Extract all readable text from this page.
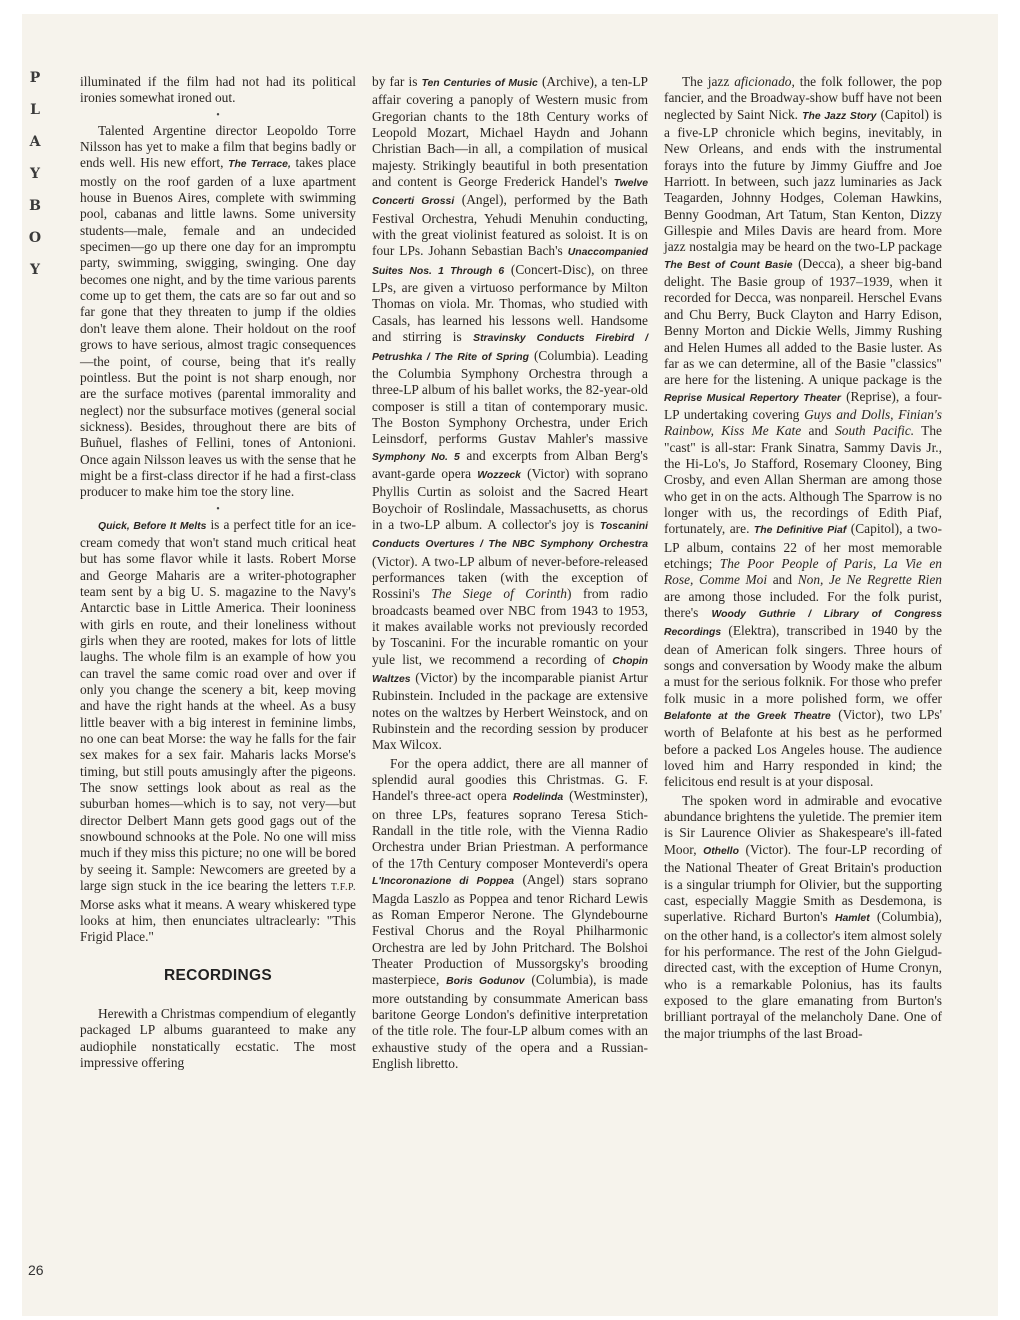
P
L
A
Y
B
O
Y
26

illuminated if the film had not had its political ironies somewhat ironed out.

•

Talented Argentine director Leopoldo Torre Nilsson has yet to make a film that begins badly or ends well. His new effort, The Terrace, takes place mostly on the roof garden of a luxe apartment house in Buenos Aires, complete with swimming pool, cabanas and little lawns. Some university students—male, female and an undecided specimen—go up there one day for an impromptu party, swimming, swigging, swinging. One day becomes one night, and by the time various parents come up to get them, the cats are so far out and so far gone that they threaten to jump if the oldies don't leave them alone. Their holdout on the roof grows to have serious, almost tragic consequences—the point, of course, being that it's really pointless. But the point is not sharp enough, nor are the surface motives (parental immorality and neglect) nor the subsurface motives (general social sickness). Besides, throughout there are bits of Buñuel, flashes of Fellini, tones of Antonioni. Once again Nilsson leaves us with the sense that he might be a first-class director if he had a first-class producer to make him toe the story line.

•

Quick, Before It Melts is a perfect title for an ice-cream comedy that won't stand much critical heat but has some flavor while it lasts. Robert Morse and George Maharis are a writer-photographer team sent by a big U. S. magazine to the Navy's Antarctic base in Little America. Their looniness with girls en route, and their loneliness without girls when they are rooted, makes for lots of little laughs. The whole film is an example of how you can travel the same comic road over and over if only you change the scenery a bit, keep moving and have the right hands at the wheel. As a busy little beaver with a big interest in feminine limbs, no one can beat Morse: the way he falls for the fair sex makes for a sex fair. Maharis lacks Morse's timing, but still pouts amusingly after the pigeons. The snow settings look about as real as the suburban homes—which is to say, not very—but director Delbert Mann gets good gags out of the snowbound schnooks at the Pole. No one will miss much if they miss this picture; no one will be bored by seeing it. Sample: Newcomers are greeted by a large sign stuck in the ice bearing the letters T.F.P. Morse asks what it means. A weary whiskered type looks at him, then enunciates ultraclearly: "This Frigid Place."

RECORDINGS

Herewith a Christmas compendium of elegantly packaged LP albums guaranteed to make any audiophile nonstatically ecstatic. The most impressive offering

by far is Ten Centuries of Music (Archive), a ten-LP affair covering a panoply of Western music from Gregorian chants to the 18th Century works of Leopold Mozart, Michael Haydn and Johann Christian Bach—in all, a compilation of musical majesty. Strikingly beautiful in both presentation and content is George Frederick Handel's Twelve Concerti Grossi (Angel), performed by the Bath Festival Orchestra, Yehudi Menuhin conducting, with the great violinist featured as soloist. It is on four LPs. Johann Sebastian Bach's Unaccompanied Suites Nos. 1 Through 6 (Concert-Disc), on three LPs, are given a virtuoso performance by Milton Thomas on viola. Mr. Thomas, who studied with Casals, has learned his lessons well. Handsome and stirring is Stravinsky Conducts Firebird / Petrushka / The Rite of Spring (Columbia). Leading the Columbia Symphony Orchestra through a three-LP album of his ballet works, the 82-year-old composer is still a titan of contemporary music. The Boston Symphony Orchestra, under Erich Leinsdorf, performs Gustav Mahler's massive Symphony No. 5 and excerpts from Alban Berg's avant-garde opera Wozzeck (Victor) with soprano Phyllis Curtin as soloist and the Sacred Heart Boychoir of Roslindale, Massachusetts, as chorus in a two-LP album. A collector's joy is Toscanini Conducts Overtures / The NBC Symphony Orchestra (Victor). A two-LP album of never-before-released performances taken (with the exception of Rossini's The Siege of Corinth) from radio broadcasts beamed over NBC from 1943 to 1953, it makes available works not previously recorded by Toscanini. For the incurable romantic on your yule list, we recommend a recording of Chopin Waltzes (Victor) by the incomparable pianist Artur Rubinstein. Included in the package are extensive notes on the waltzes by Herbert Weinstock, and on Rubinstein and the recording session by producer Max Wilcox.

For the opera addict, there are all manner of splendid aural goodies this Christmas. G. F. Handel's three-act opera Rodelinda (Westminster), on three LPs, features soprano Teresa Stich-Randall in the title role, with the Vienna Radio Orchestra under Brian Priestman. A performance of the 17th Century composer Monteverdi's opera L'Incoronazione di Poppea (Angel) stars soprano Magda Laszlo as Poppea and tenor Richard Lewis as Roman Emperor Nerone. The Glyndebourne Festival Chorus and the Royal Philharmonic Orchestra are led by John Pritchard. The Bolshoi Theater Production of Mussorgsky's brooding masterpiece, Boris Godunov (Columbia), is made more outstanding by consummate American bass baritone George London's definitive interpretation of the title role. The four-LP album comes with an exhaustive study of the opera and a Russian-English libretto.

The jazz aficionado, the folk follower, the pop fancier, and the Broadway-show buff have not been neglected by Saint Nick. The Jazz Story (Capitol) is a five-LP chronicle which begins, inevitably, in New Orleans, and ends with the instrumental forays into the future by Jimmy Giuffre and Joe Harriott. In between, such jazz luminaries as Jack Teagarden, Johnny Hodges, Coleman Hawkins, Benny Goodman, Art Tatum, Stan Kenton, Dizzy Gillespie and Miles Davis are heard from. More jazz nostalgia may be heard on the two-LP package The Best of Count Basie (Decca), a sheer big-band delight. The Basie group of 1937–1939, when it recorded for Decca, was nonpareil. Herschel Evans and Chu Berry, Buck Clayton and Harry Edison, Benny Morton and Dickie Wells, Jimmy Rushing and Helen Humes all added to the Basie luster. As far as we can determine, all of the Basie "classics" are here for the listening. A unique package is the Reprise Musical Repertory Theater (Reprise), a four-LP undertaking covering Guys and Dolls, Finian's Rainbow, Kiss Me Kate and South Pacific. The "cast" is all-star: Frank Sinatra, Sammy Davis Jr., the Hi-Lo's, Jo Stafford, Rosemary Clooney, Bing Crosby, and even Allan Sherman are among those who get in on the acts. Although The Sparrow is no longer with us, the recordings of Edith Piaf, fortunately, are. The Definitive Piaf (Capitol), a two-LP album, contains 22 of her most memorable etchings; The Poor People of Paris, La Vie en Rose, Comme Moi and Non, Je Ne Regrette Rien are among those included. For the folk purist, there's Woody Guthrie / Library of Congress Recordings (Elektra), transcribed in 1940 by the dean of American folk singers. Three hours of songs and conversation by Woody make the album a must for the serious folknik. For those who prefer folk music in a more polished form, we offer Belafonte at the Greek Theatre (Victor), two LPs' worth of Belafonte at his best as he performed before a packed Los Angeles house. The audience loved him and Harry responded in kind; the felicitous end result is at your disposal.

The spoken word in admirable and evocative abundance brightens the yuletide. The premier item is Sir Laurence Olivier as Shakespeare's ill-fated Moor, Othello (Victor). The four-LP recording of the National Theater of Great Britain's production is a singular triumph for Olivier, but the supporting cast, especially Maggie Smith as Desdemona, is superlative. Richard Burton's Hamlet (Columbia), on the other hand, is a collector's item almost solely for his performance. The rest of the John Gielgud-directed cast, with the exception of Hume Cronyn, who is a remarkable Polonius, has its faults exposed to the glare emanating from Burton's brilliant portrayal of the melancholy Dane. One of the major triumphs of the last Broad-
